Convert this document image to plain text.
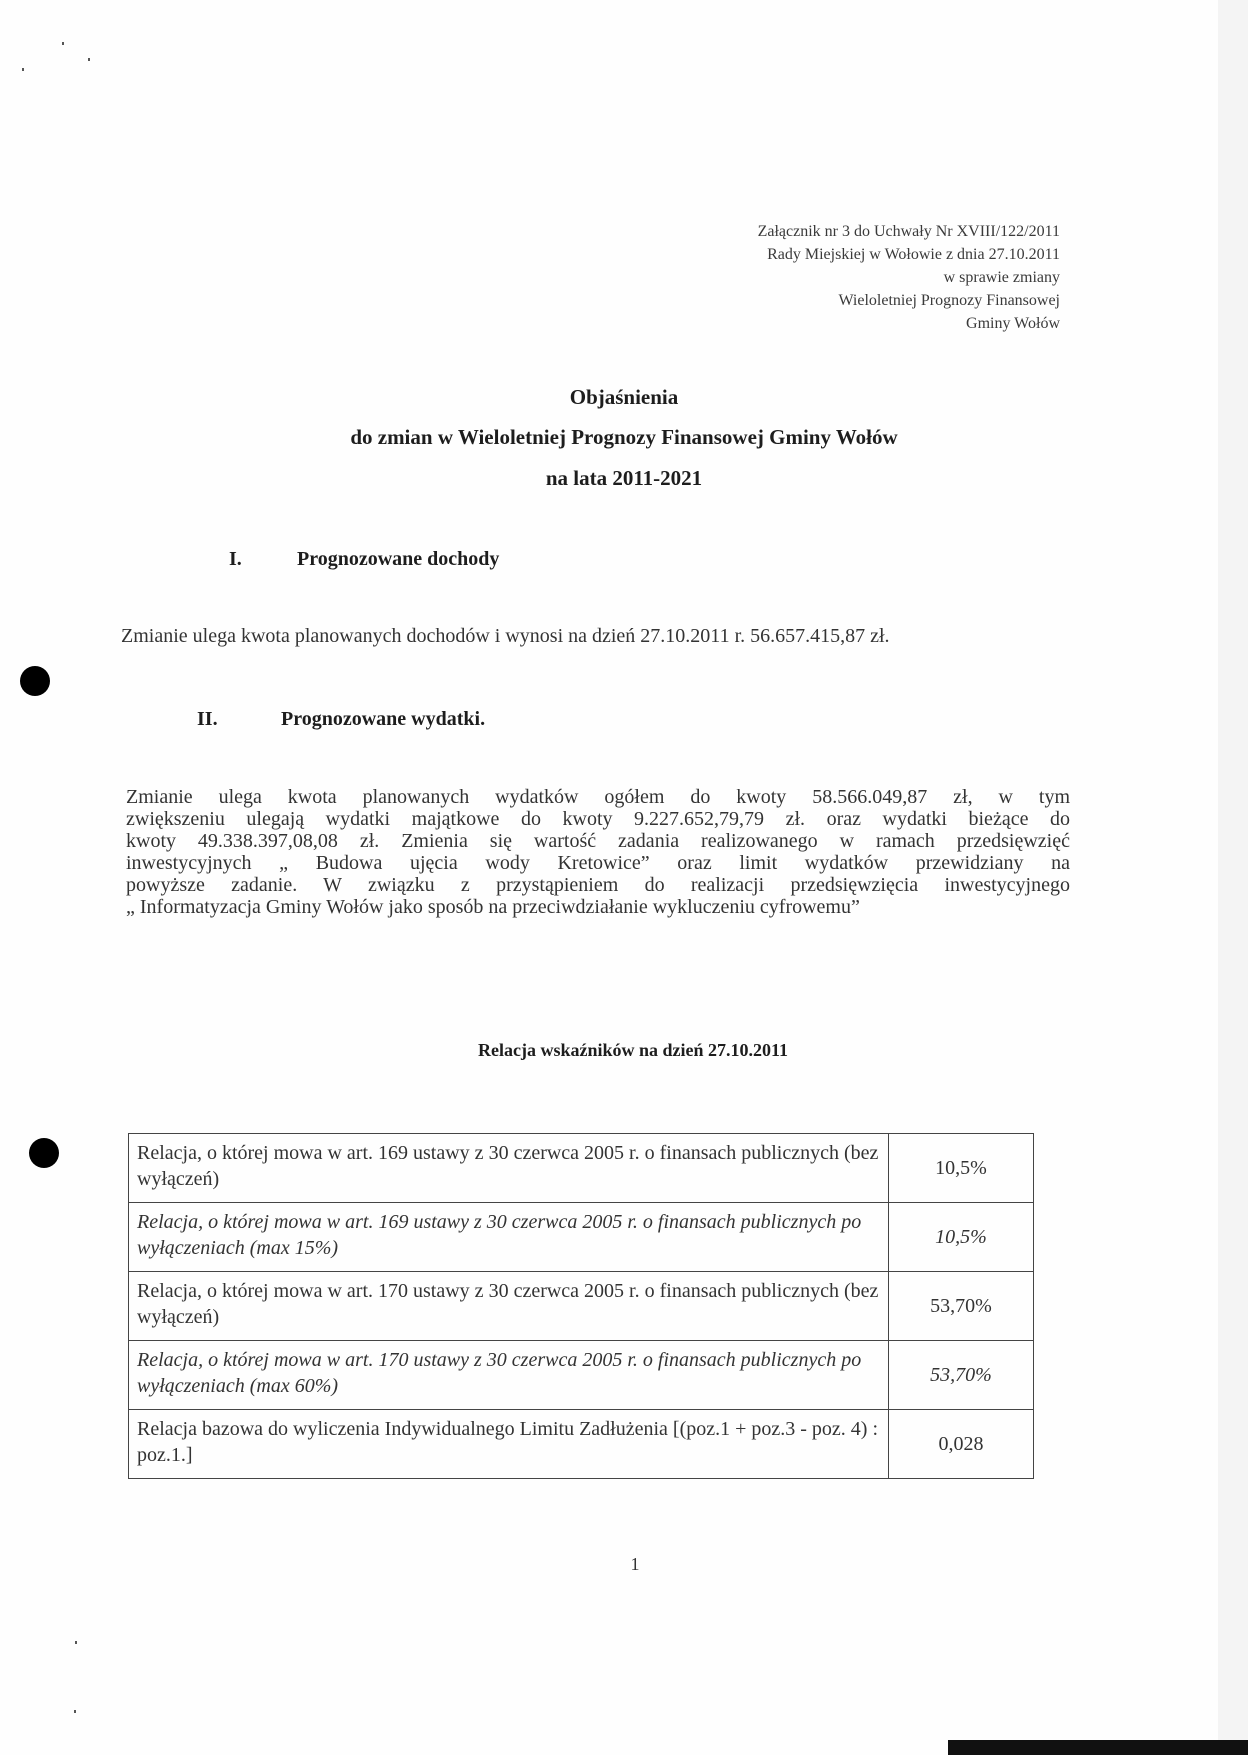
Załącznik nr 3 do Uchwały Nr XVIII/122/2011
Rady Miejskiej w Wołowie z dnia 27.10.2011
w sprawie zmiany
Wieloletniej Prognozy Finansowej
Gminy Wołów
Objaśnienia
do zmian w Wieloletniej Prognozy Finansowej Gminy Wołów
na lata 2011-2021
I.	Prognozowane dochody
Zmianie ulega kwota planowanych dochodów i wynosi na dzień 27.10.2011 r. 56.657.415,87 zł.
II.	Prognozowane wydatki.
Zmianie ulega kwota planowanych wydatków ogółem do kwoty 58.566.049,87 zł, w tym
zwiększeniu ulegają wydatki majątkowe do kwoty 9.227.652,79,79 zł. oraz wydatki bieżące do
kwoty 49.338.397,08,08 zł. Zmienia się wartość zadania realizowanego w ramach przedsięwzięć
inwestycyjnych „ Budowa ujęcia wody Kretowice” oraz limit wydatków przewidziany na
powyższe zadanie. W związku z przystąpieniem do realizacji przedsięwzięcia inwestycyjnego
„ Informatyzacja Gminy Wołów jako sposób na przeciwdziałanie wykluczeniu cyfrowemu”
Relacja wskaźników na dzień 27.10.2011
Relacja, o której mowa w art. 169 ustawy z 30 czerwca 2005 r. o finansach publicznych (bez wyłączeń)	10,5%
Relacja, o której mowa w art. 169 ustawy z 30 czerwca 2005 r. o finansach publicznych po wyłączeniach (max 15%)	10,5%
Relacja, o której mowa w art. 170 ustawy z 30 czerwca 2005 r. o finansach publicznych (bez wyłączeń)	53,70%
Relacja, o której mowa w art. 170 ustawy z 30 czerwca 2005 r. o finansach publicznych po wyłączeniach (max 60%)	53,70%
Relacja bazowa do wyliczenia Indywidualnego Limitu Zadłużenia [(poz.1 + poz.3 - poz. 4) : poz.1.]	0,028
1
